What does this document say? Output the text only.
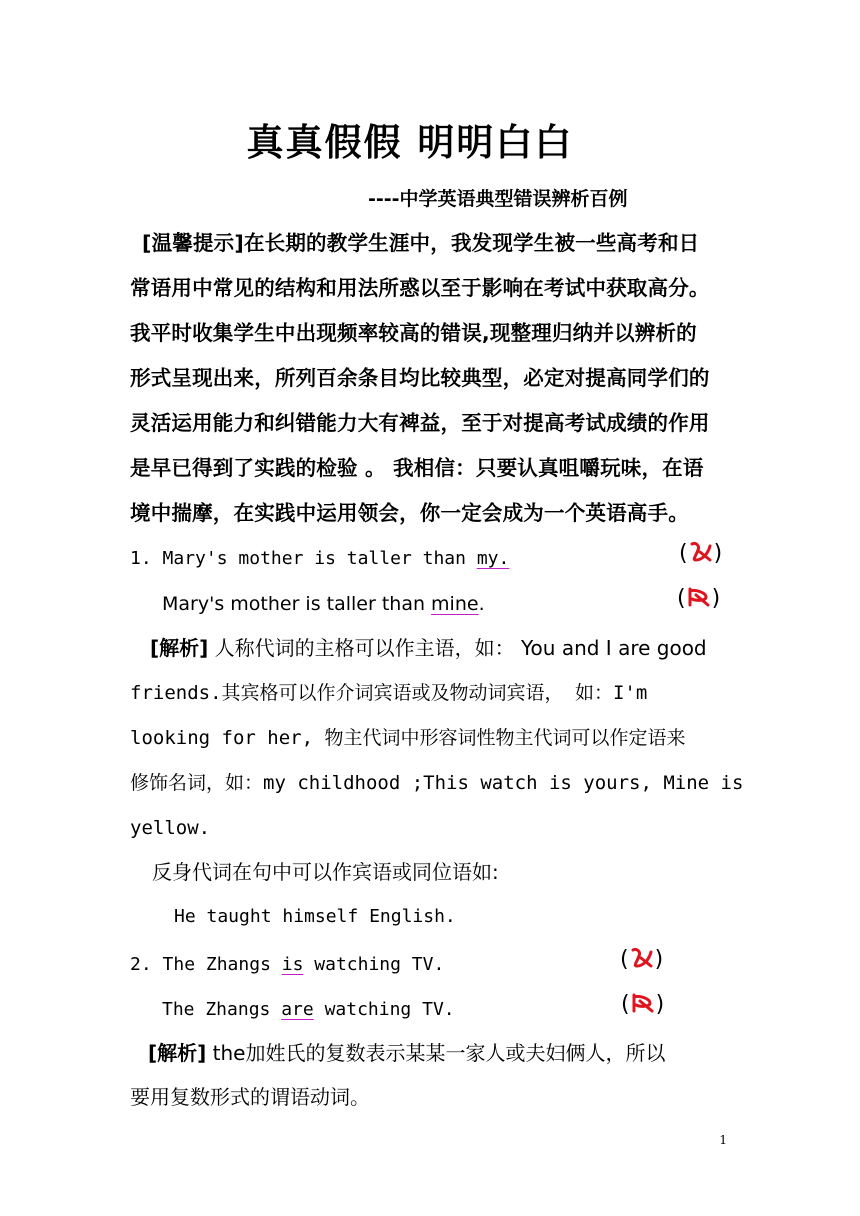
真真假假 明明白白
----中学英语典型错误辨析百例
[温馨提示]在长期的教学生涯中，我发现学生被一些高考和日
常语用中常见的结构和用法所惑以至于影响在考试中获取高分。
我平时收集学生中出现频率较高的错误,现整理归纳并以辨析的
形式呈现出来，所列百余条目均比较典型，必定对提高同学们的
灵活运用能力和纠错能力大有裨益，至于对提高考试成绩的作用
是早已得到了实践的检验 。 我相信：只要认真咀嚼玩味，在语
境中揣摩，在实践中运用领会，你一定会成为一个英语高手。
1. Mary's mother is taller than my.	( )
Mary's mother is taller than mine.	( )
[解析] 人称代词的主格可以作主语，如： You and I are good
friends.其宾格可以作介词宾语或及物动词宾语， 如：I'm
looking for her, 物主代词中形容词性物主代词可以作定语来
修饰名词，如：my childhood ;This watch is yours, Mine is
yellow.
反身代词在句中可以作宾语或同位语如:
He taught himself English.
2. The Zhangs is watching TV.	( )
The Zhangs are watching TV.	( )
[解析] the加姓氏的复数表示某某一家人或夫妇俩人，所以
要用复数形式的谓语动词。
1
